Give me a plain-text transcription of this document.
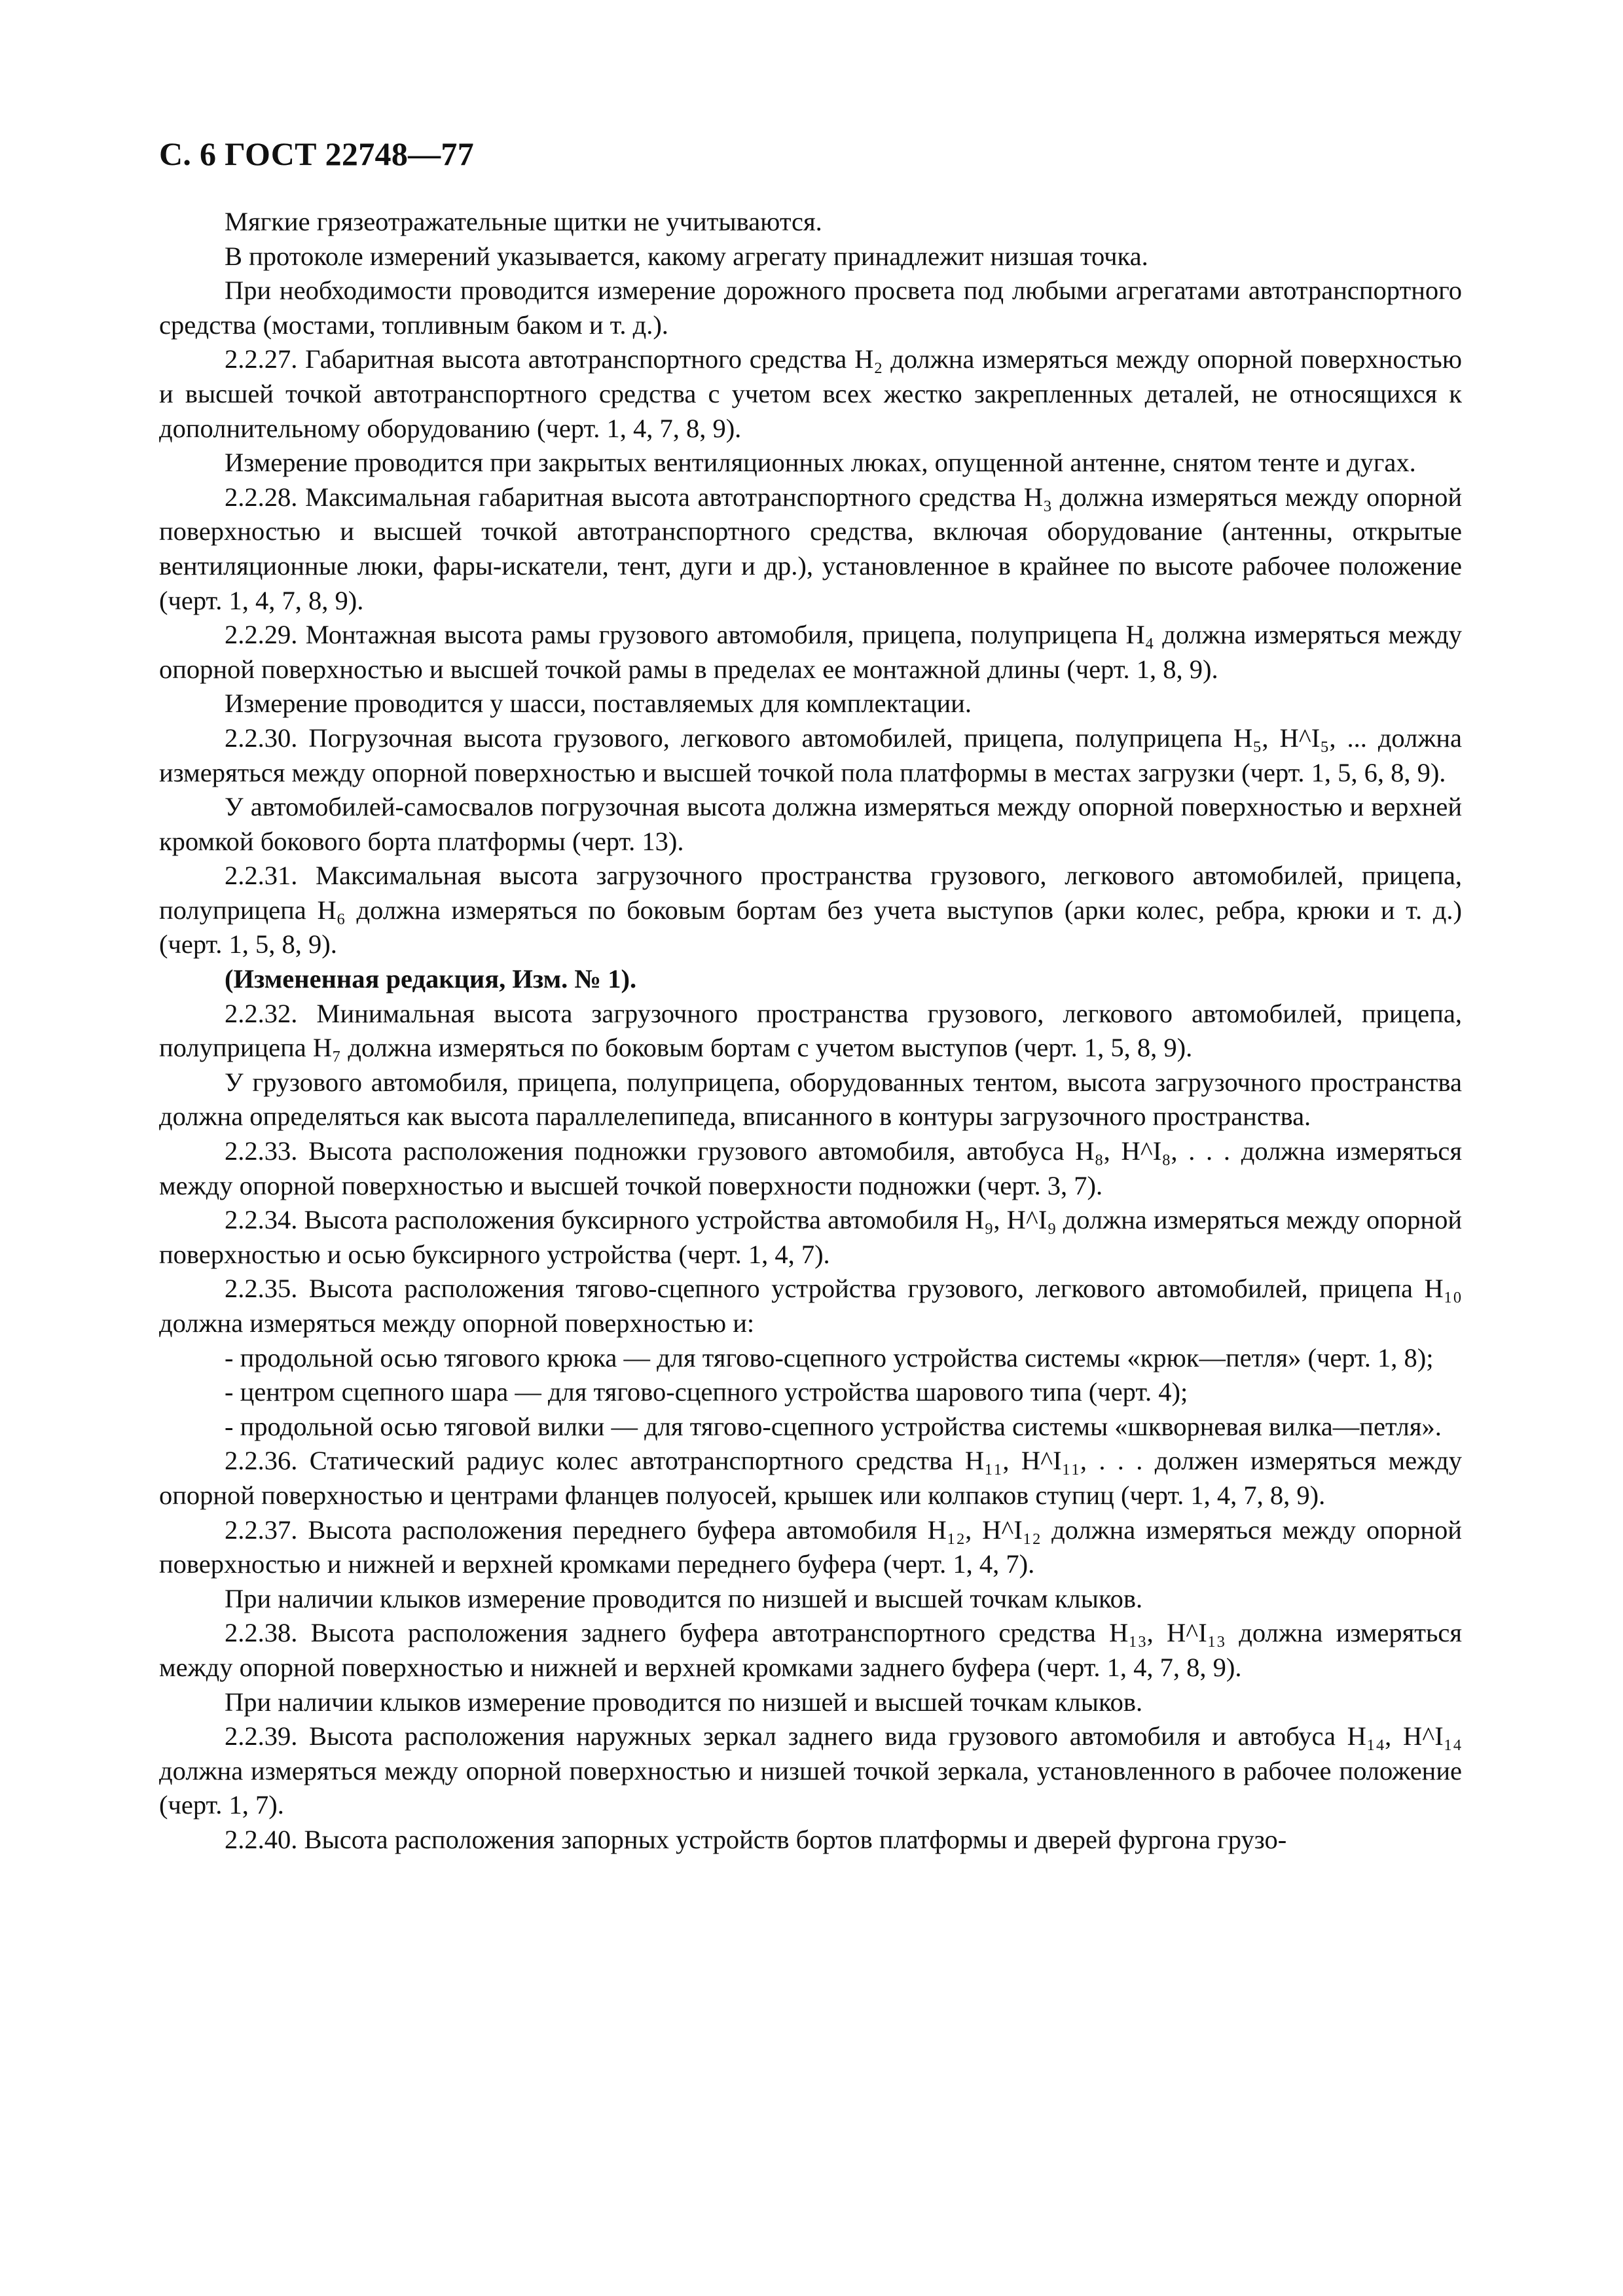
С. 6 ГОСТ 22748—77

Мягкие грязеотражательные щитки не учитываются.

В протоколе измерений указывается, какому агрегату принадлежит низшая точка.

При необходимости проводится измерение дорожного просвета под любыми агрегатами автотранспортного средства (мостами, топливным баком и т. д.).

2.2.27. Габаритная высота автотранспортного средства H₂ должна измеряться между опорной поверхностью и высшей точкой автотранспортного средства с учетом всех жестко закрепленных деталей, не относящихся к дополнительному оборудованию (черт. 1, 4, 7, 8, 9).

Измерение проводится при закрытых вентиляционных люках, опущенной антенне, снятом тенте и дугах.

2.2.28. Максимальная габаритная высота автотранспортного средства H₃ должна измеряться между опорной поверхностью и высшей точкой автотранспортного средства, включая оборудование (антенны, открытые вентиляционные люки, фары-искатели, тент, дуги и др.), установленное в крайнее по высоте рабочее положение (черт. 1, 4, 7, 8, 9).

2.2.29. Монтажная высота рамы грузового автомобиля, прицепа, полуприцепа H₄ должна измеряться между опорной поверхностью и высшей точкой рамы в пределах ее монтажной длины (черт. 1, 8, 9).

Измерение проводится у шасси, поставляемых для комплектации.

2.2.30. Погрузочная высота грузового, легкового автомобилей, прицепа, полуприцепа H₅, H^I₅, ... должна измеряться между опорной поверхностью и высшей точкой пола платформы в местах загрузки (черт. 1, 5, 6, 8, 9).

У автомобилей-самосвалов погрузочная высота должна измеряться между опорной поверхностью и верхней кромкой бокового борта платформы (черт. 13).

2.2.31. Максимальная высота загрузочного пространства грузового, легкового автомобилей, прицепа, полуприцепа H₆ должна измеряться по боковым бортам без учета выступов (арки колес, ребра, крюки и т. д.) (черт. 1, 5, 8, 9).

(Измененная редакция, Изм. № 1).

2.2.32. Минимальная высота загрузочного пространства грузового, легкового автомобилей, прицепа, полуприцепа H₇ должна измеряться по боковым бортам с учетом выступов (черт. 1, 5, 8, 9).

У грузового автомобиля, прицепа, полуприцепа, оборудованных тентом, высота загрузочного пространства должна определяться как высота параллелепипеда, вписанного в контуры загрузочного пространства.

2.2.33. Высота расположения подножки грузового автомобиля, автобуса H₈, H^I₈, . . . должна измеряться между опорной поверхностью и высшей точкой поверхности подножки (черт. 3, 7).

2.2.34. Высота расположения буксирного устройства автомобиля H₉, H^I₉ должна измеряться между опорной поверхностью и осью буксирного устройства (черт. 1, 4, 7).

2.2.35. Высота расположения тягово-сцепного устройства грузового, легкового автомобилей, прицепа H₁₀ должна измеряться между опорной поверхностью и:

- продольной осью тягового крюка — для тягово-сцепного устройства системы «крюк—петля» (черт. 1, 8);

- центром сцепного шара — для тягово-сцепного устройства шарового типа (черт. 4);

- продольной осью тяговой вилки — для тягово-сцепного устройства системы «шкворневая вилка—петля».

2.2.36. Статический радиус колес автотранспортного средства H₁₁, H^I₁₁, . . . должен измеряться между опорной поверхностью и центрами фланцев полуосей, крышек или колпаков ступиц (черт. 1, 4, 7, 8, 9).

2.2.37. Высота расположения переднего буфера автомобиля H₁₂, H^I₁₂ должна измеряться между опорной поверхностью и нижней и верхней кромками переднего буфера (черт. 1, 4, 7).

При наличии клыков измерение проводится по низшей и высшей точкам клыков.

2.2.38. Высота расположения заднего буфера автотранспортного средства H₁₃, H^I₁₃ должна измеряться между опорной поверхностью и нижней и верхней кромками заднего буфера (черт. 1, 4, 7, 8, 9).

При наличии клыков измерение проводится по низшей и высшей точкам клыков.

2.2.39. Высота расположения наружных зеркал заднего вида грузового автомобиля и автобуса H₁₄, H^I₁₄ должна измеряться между опорной поверхностью и низшей точкой зеркала, установленного в рабочее положение (черт. 1, 7).

2.2.40. Высота расположения запорных устройств бортов платформы и дверей фургона грузо-
